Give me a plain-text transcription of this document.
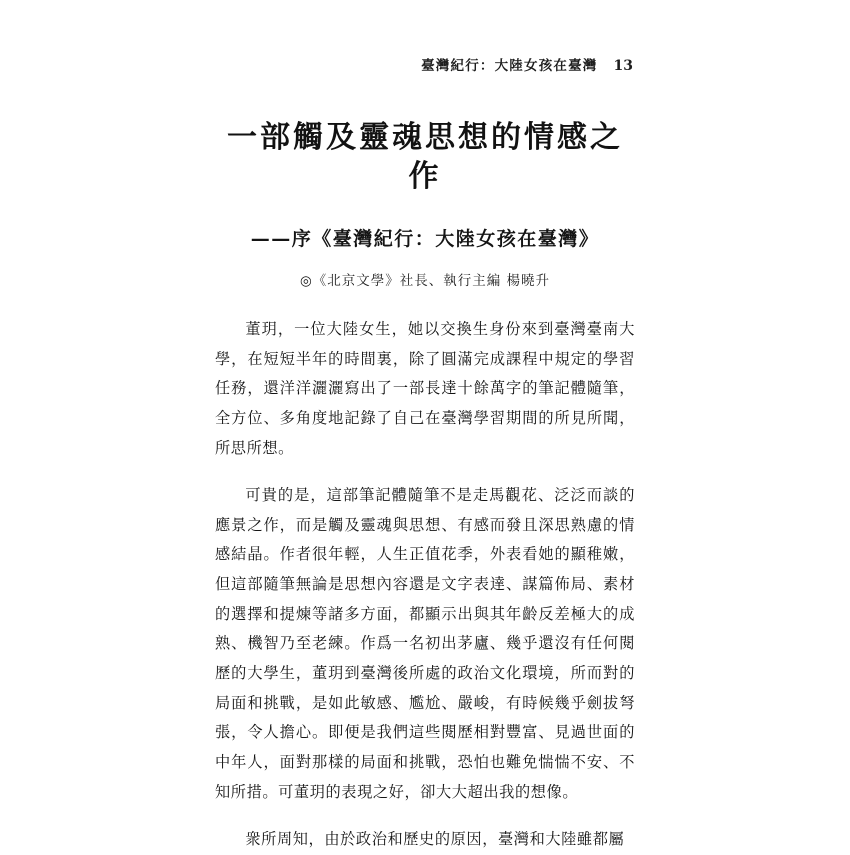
臺灣紀行：大陸女孩在臺灣 13
一部觸及靈魂思想的情感之作
——序《臺灣紀行：大陸女孩在臺灣》
◎《北京文學》社長、執行主編 楊曉升

董玥，一位大陸女生，她以交換生身份來到臺灣臺南大學，在短短半年的時間裏，除了圓滿完成課程中規定的學習任務，還洋洋灑灑寫出了一部長達十餘萬字的筆記體隨筆，全方位、多角度地記錄了自己在臺灣學習期間的所見所聞，所思所想。

可貴的是，這部筆記體隨筆不是走馬觀花、泛泛而談的應景之作，而是觸及靈魂與思想、有感而發且深思熟慮的情感結晶。作者很年輕，人生正值花季，外表看她的顯稚嫩，但這部隨筆無論是思想內容還是文字表達、謀篇佈局、素材的選擇和提煉等諸多方面，都顯示出與其年齡反差極大的成熟、機智乃至老練。作爲一名初出茅廬、幾乎還沒有任何閱歷的大學生，董玥到臺灣後所處的政治文化環境，所而對的局面和挑戰，是如此敏感、尷尬、嚴峻，有時候幾乎劍拔弩張，令人擔心。即便是我們這些閱歷相對豐富、見過世面的中年人，面對那樣的局面和挑戰，恐怕也難免惴惴不安、不知所措。可董玥的表現之好，卻大大超出我的想像。

衆所周知，由於政治和歷史的原因，臺灣和大陸雖都屬
